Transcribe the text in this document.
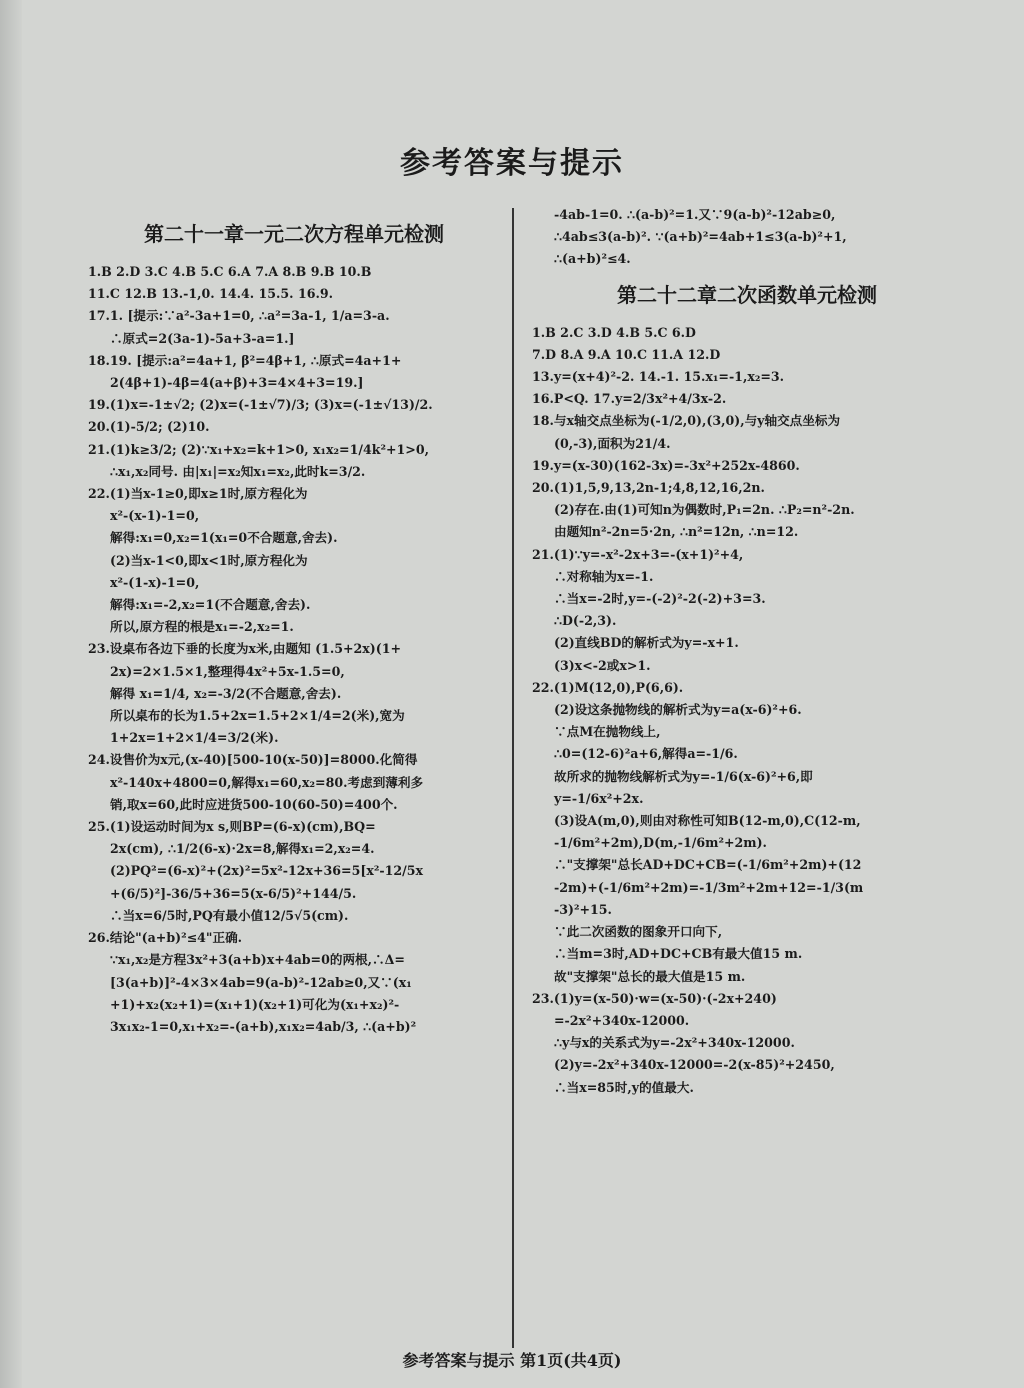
参考答案与提示
第二十一章一元二次方程单元检测
1.B 2.D 3.C 4.B 5.C 6.A 7.A 8.B 9.B 10.B
11.C 12.B 13.-1,0. 14.4. 15.5. 16.9.
17.1. [提示:∵a²-3a+1=0, ∴a²=3a-1, 1/a=3-a.
∴原式=2(3a-1)-5a+3-a=1.]
18.19. [提示:a²=4a+1, β²=4β+1, ∴原式=4a+1+
2(4β+1)-4β=4(a+β)+3=4×4+3=19.]
19.(1)x=-1±√2; (2)x=(-1±√7)/3; (3)x=(-1±√13)/2.
20.(1)-5/2; (2)10.
21.(1)k≥3/2; (2)∵x₁+x₂=k+1>0, x₁x₂=1/4k²+1>0,
∴x₁,x₂同号. 由|x₁|=x₂知x₁=x₂,此时k=3/2.
22.(1)当x-1≥0,即x≥1时,原方程化为
x²-(x-1)-1=0,
解得:x₁=0,x₂=1(x₁=0不合题意,舍去).
(2)当x-1<0,即x<1时,原方程化为
x²-(1-x)-1=0,
解得:x₁=-2,x₂=1(不合题意,舍去).
所以,原方程的根是x₁=-2,x₂=1.
23.设桌布各边下垂的长度为x米,由题知 (1.5+2x)(1+
2x)=2×1.5×1,整理得4x²+5x-1.5=0,
解得 x₁=1/4, x₂=-3/2(不合题意,舍去).
所以桌布的长为1.5+2x=1.5+2×1/4=2(米),宽为
1+2x=1+2×1/4=3/2(米).
24.设售价为x元,(x-40)[500-10(x-50)]=8000.化简得
x²-140x+4800=0,解得x₁=60,x₂=80.考虑到薄利多
销,取x=60,此时应进货500-10(60-50)=400个.
25.(1)设运动时间为x s,则BP=(6-x)(cm),BQ=
2x(cm), ∴1/2(6-x)·2x=8,解得x₁=2,x₂=4.
(2)PQ²=(6-x)²+(2x)²=5x²-12x+36=5[x²-12/5x
+(6/5)²]-36/5+36=5(x-6/5)²+144/5.
∴当x=6/5时,PQ有最小值12/5√5(cm).
26.结论"(a+b)²≤4"正确.
∵x₁,x₂是方程3x²+3(a+b)x+4ab=0的两根,∴Δ=
[3(a+b)]²-4×3×4ab=9(a-b)²-12ab≥0,又∵(x₁
+1)+x₂(x₂+1)=(x₁+1)(x₂+1)可化为(x₁+x₂)²-
3x₁x₂-1=0,x₁+x₂=-(a+b),x₁x₂=4ab/3, ∴(a+b)²
-4ab-1=0. ∴(a-b)²=1.又∵9(a-b)²-12ab≥0,
∴4ab≤3(a-b)². ∵(a+b)²=4ab+1≤3(a-b)²+1,
∴(a+b)²≤4.
第二十二章二次函数单元检测
1.B 2.C 3.D 4.B 5.C 6.D
7.D 8.A 9.A 10.C 11.A 12.D
13.y=(x+4)²-2. 14.-1. 15.x₁=-1,x₂=3.
16.P<Q. 17.y=2/3x²+4/3x-2.
18.与x轴交点坐标为(-1/2,0),(3,0),与y轴交点坐标为
(0,-3),面积为21/4.
19.y=(x-30)(162-3x)=-3x²+252x-4860.
20.(1)1,5,9,13,2n-1;4,8,12,16,2n.
(2)存在.由(1)可知n为偶数时,P₁=2n. ∴P₂=n²-2n.
由题知n²-2n=5·2n, ∴n²=12n, ∴n=12.
21.(1)∵y=-x²-2x+3=-(x+1)²+4,
∴对称轴为x=-1.
∴当x=-2时,y=-(-2)²-2(-2)+3=3.
∴D(-2,3).
(2)直线BD的解析式为y=-x+1.
(3)x<-2或x>1.
22.(1)M(12,0),P(6,6).
(2)设这条抛物线的解析式为y=a(x-6)²+6.
∵点M在抛物线上,
∴0=(12-6)²a+6,解得a=-1/6.
故所求的抛物线解析式为y=-1/6(x-6)²+6,即
y=-1/6x²+2x.
(3)设A(m,0),则由对称性可知B(12-m,0),C(12-m,
-1/6m²+2m),D(m,-1/6m²+2m).
∴"支撑架"总长AD+DC+CB=(-1/6m²+2m)+(12
-2m)+(-1/6m²+2m)=-1/3m²+2m+12=-1/3(m
-3)²+15.
∵此二次函数的图象开口向下,
∴当m=3时,AD+DC+CB有最大值15 m.
故"支撑架"总长的最大值是15 m.
23.(1)y=(x-50)·w=(x-50)·(-2x+240)
=-2x²+340x-12000.
∴y与x的关系式为y=-2x²+340x-12000.
(2)y=-2x²+340x-12000=-2(x-85)²+2450,
∴当x=85时,y的值最大.
参考答案与提示 第1页(共4页)
